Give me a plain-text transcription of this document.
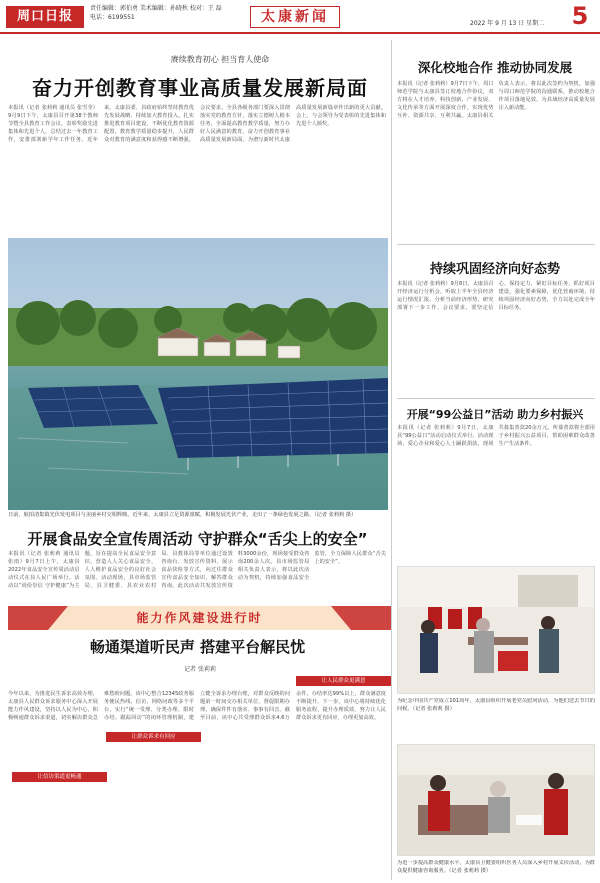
周口日报
责任编辑：郭伯勇 美术编辑：孙晓秋 校对：王 磊
电话：6199551	太康新闻	2022 年 9 月 13 日 星期二 5
赓续教育初心 担当育人使命
奋力开创教育事业高质量发展新局面
本报讯（记者 张莉莉 通讯员 张雪莹）9月9日下午，太康县召开第38个教师节暨全县教育工作会议，表彰奖励先进集体和先进个人，总结过去一年教育工作，安排部署新学年工作任务。近年来，太康县委、县政府始终坚持教育优先发展战略，持续加大教育投入，扎实推进教育项目建设，不断优化教育资源配置，教育教学质量稳步提升，人民群众对教育的满意度和获得感不断增强。会议要求，全县各级各部门要深入贯彻落实党的教育方针，落实立德树人根本任务，全面提高教育教学质量，努力办好人民满意的教育，奋力开创教育事业高质量发展新局面，为谱写新时代太康高质量发展新篇章作出新的更大贡献。会上，与会领导为受表彰的先进集体和先进个人颁奖。
日前，航拍清集镇光伏发电项目与美丽乡村交相辉映。近年来，太康县立足资源禀赋，积极发展光伏产业，走出了一条绿色发展之路。（记者 张莉莉 摄）
开展食品安全宣传周活动 守护群众“舌尖上的安全”
本报讯（记者 张莉莉 通讯员 张雨）9月7日上午，太康县2022年食品安全宣传周活动启动仪式在县人民广场举行。活动以“尚俭崇信 守护健康”为主题，旨在提高全民食品安全意识，营造人人关心食品安全、人人维护食品安全的良好社会氛围。活动现场，县市场监管局、县卫健委、县农业农村局、县教体局等单位通过设置咨询台、发放宣传资料、展示食品快检等方式，向过往群众宣传食品安全知识，解答群众咨询。此次活动共发放宣传资料3000余份，现场接受群众咨询200余人次。县市场监管局相关负责人表示，将以此次活动为契机，持续加强食品安全监管，全力保障人民群众“舌尖上的安全”。
能力作风建设进行时
畅通渠道听民声 搭建平台解民忧
记者 张莉莉
让信访渠道更畅通
让群众诉求有回应
让人民群众更满意
今年以来，为推进民生诉求高效办理，太康县人民群众诉求服务中心深入开展能力作风建设，坚持以人民为中心，积极畅通群众诉求渠道，切实解决群众急难愁盼问题。该中心整合12345政务服务便民热线、信访、网络问政等多个平台，实行“统一受理、分类办理、限时办结、跟踪回访”的闭环管理机制，建立健全诉求办理台账，对群众反映的问题第一时间交办相关单位，督促限期办理，确保件件有落实、事事有回音。截至目前，该中心共受理群众诉求4.6万余件，办结率达99%以上，群众满意度不断提升。下一步，该中心将持续优化服务流程，提升办理质效，努力让人民群众诉求更有回应、办理更加高效。
深化校地合作 推动协同发展
本报讯（记者 张莉莉）9月7日下午，周口师范学院与太康县签订校地合作协议，双方将在人才培养、科技创新、产业发展、文化传承等方面开展深度合作，实现优势互补、资源共享、互利共赢。太康县相关负责人表示，将以此次签约为契机，加强与周口师范学院的沟通联系，推动校地合作项目落地见效，为县域经济高质量发展注入新动能。
持续巩固经济向好态势
本报讯（记者 张莉莉）9月8日，太康县召开经济运行分析会，听取上半年全县经济运行情况汇报，分析当前经济形势，研究部署下一步工作。会议要求，要坚定信心、保持定力，紧盯目标任务，抓好项目建设，强化要素保障，优化营商环境，持续巩固经济向好态势，全力以赴完成全年目标任务。
开展“99公益日”活动 助力乡村振兴
本报讯（记者 张莉莉）9月7日，太康县“99公益日”活动启动仪式举行。活动现场，爱心企业和爱心人士踊跃捐款，现场共募集善款20余万元。所募善款将全部用于乡村振兴公益项目，帮助困难群众改善生产生活条件。
为纪念中国共产党成立101周年，太康县组织开展老党员慰问活动，为他们送去节日的问候。（记者 张莉莉 摄）
为进一步提高群众健康水平，太康县卫健委组织医务人员深入乡村开展义诊活动，为群众提供健康咨询服务。（记者 张莉莉 摄）
